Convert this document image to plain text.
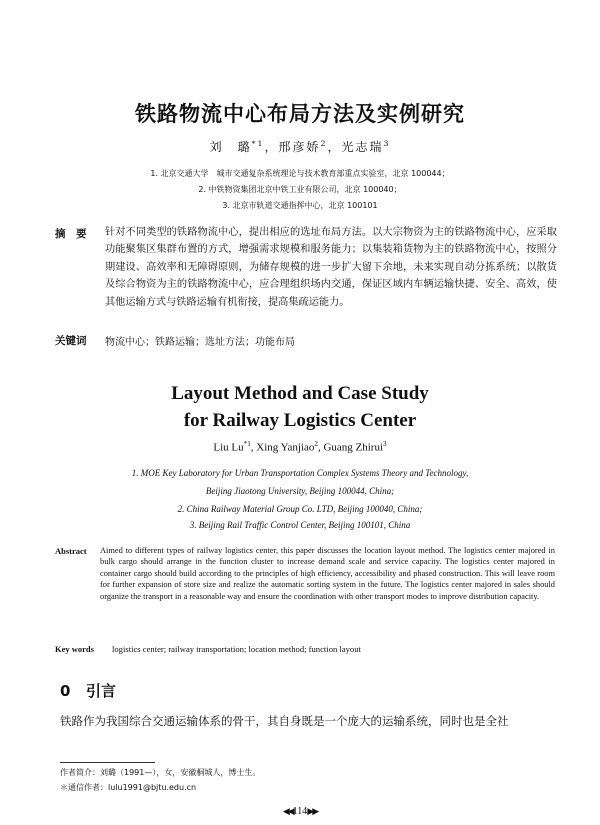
铁路物流中心布局方法及实例研究
刘　璐$^{*1}$，邢彦娇$^2$，光志瑞$^3$
1. 北京交通大学　城市交通复杂系统理论与技术教育部重点实验室，北京 100044；
2. 中铁物资集团北京中铁工业有限公司，北京 100040；
3. 北京市轨道交通指挥中心，北京 100101
摘　要 针对不同类型的铁路物流中心，提出相应的选址布局方法。以大宗物资为主的铁路物流中心，应采取功能聚集区集群布置的方式，增强需求规模和服务能力；以集装箱货物为主的铁路物流中心，按照分期建设、高效率和无障碍原则，为储存规模的进一步扩大留下余地，未来实现自动分拣系统；以散货及综合物资为主的铁路物流中心，应合理组织场内交通，保证区域内车辆运输快捷、安全、高效，使其他运输方式与铁路运输有机衔接，提高集疏运能力。
关键词 物流中心；铁路运输；选址方法；功能布局
Layout Method and Case Study
for Railway Logistics Center
Liu Lu$^{*1}$, Xing Yanjiao$^2$, Guang Zhirui$^3$
1. MOE Key Laboratory for Urban Transportation Complex Systems Theory and Technology,
Beijing Jiaotong University, Beijing 100044, China;
2. China Railway Material Group Co. LTD, Beijing 100040, China;
3. Beijing Rail Traffic Control Center, Beijing 100101, China
Abstract Aimed to different types of railway logistics center, this paper discusses the location layout method. The logistics center majored in bulk cargo should arrange in the function cluster to increase demand scale and service capacity. The logistics center majored in container cargo should build according to the principles of high efficiency, accessibility and phased construction. This will leave room for further expansion of store size and realize the automatic sorting system in the future. The logistics center majored in sales should organize the transport in a reasonable way and ensure the coordination with other transport modes to improve distribution capacity.
Key words logistics center; railway transportation; location method; function layout
0 引言
铁路作为我国综合交通运输体系的骨干，其自身既是一个庞大的运输系统，同时也是全社
作者简介：刘璐（1991—），女，安徽桐城人，博士生。
＊通信作者：lulu1991@bjtu.edu.cn
◀◀114▶▶
